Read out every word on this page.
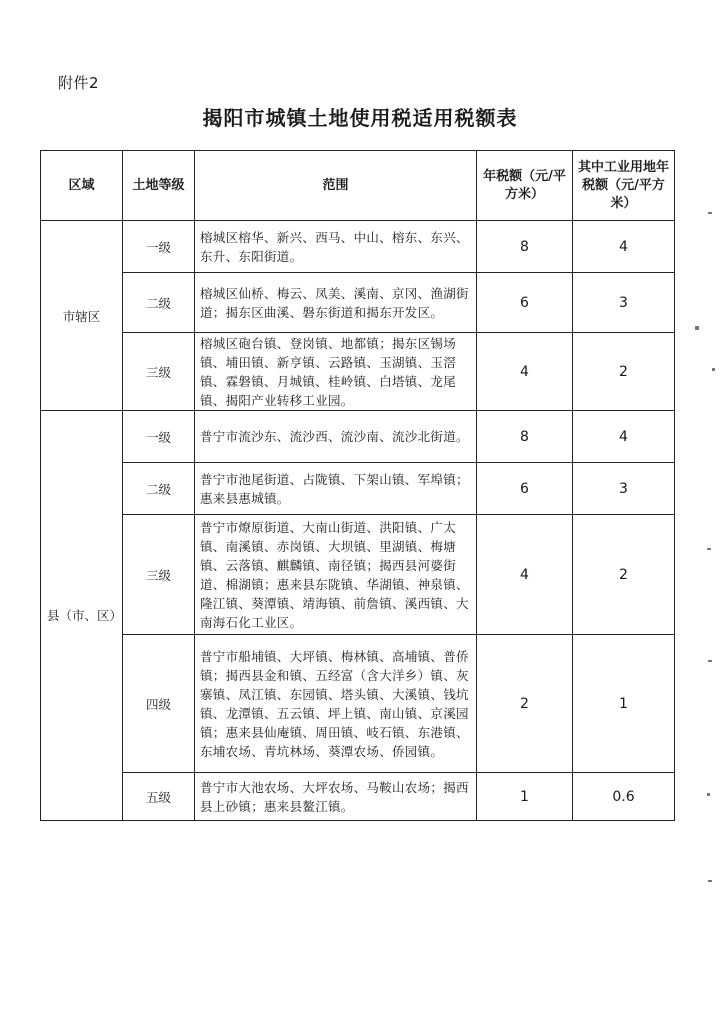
附件2
揭阳市城镇土地使用税适用税额表
区域	土地等级	范围	年税额（元/平方米）	其中工业用地年税额（元/平方米）
市辖区	一级	榕城区榕华、新兴、西马、中山、榕东、东兴、东升、东阳街道。	8	4
	二级	榕城区仙桥、梅云、凤美、溪南、京冈、渔湖街道；揭东区曲溪、磐东街道和揭东开发区。	6	3
	三级	榕城区砲台镇、登岗镇、地都镇；揭东区锡场镇、埔田镇、新亨镇、云路镇、玉湖镇、玉滘镇、霖磐镇、月城镇、桂岭镇、白塔镇、龙尾镇、揭阳产业转移工业园。	4	2
县（市、区）	一级	普宁市流沙东、流沙西、流沙南、流沙北街道。	8	4
	二级	普宁市池尾街道、占陇镇、下架山镇、军埠镇；惠来县惠城镇。	6	3
	三级	普宁市燎原街道、大南山街道、洪阳镇、广太镇、南溪镇、赤岗镇、大坝镇、里湖镇、梅塘镇、云落镇、麒麟镇、南径镇；揭西县河婆街道、棉湖镇；惠来县东陇镇、华湖镇、神泉镇、隆江镇、葵潭镇、靖海镇、前詹镇、溪西镇、大南海石化工业区。	4	2
	四级	普宁市船埔镇、大坪镇、梅林镇、高埔镇、普侨镇；揭西县金和镇、五经富（含大洋乡）镇、灰寨镇、凤江镇、东园镇、塔头镇、大溪镇、钱坑镇、龙潭镇、五云镇、坪上镇、南山镇、京溪园镇；惠来县仙庵镇、周田镇、岐石镇、东港镇、东埔农场、青坑林场、葵潭农场、侨园镇。	2	1
	五级	普宁市大池农场、大坪农场、马鞍山农场；揭西县上砂镇；惠来县鳌江镇。	1	0.6
